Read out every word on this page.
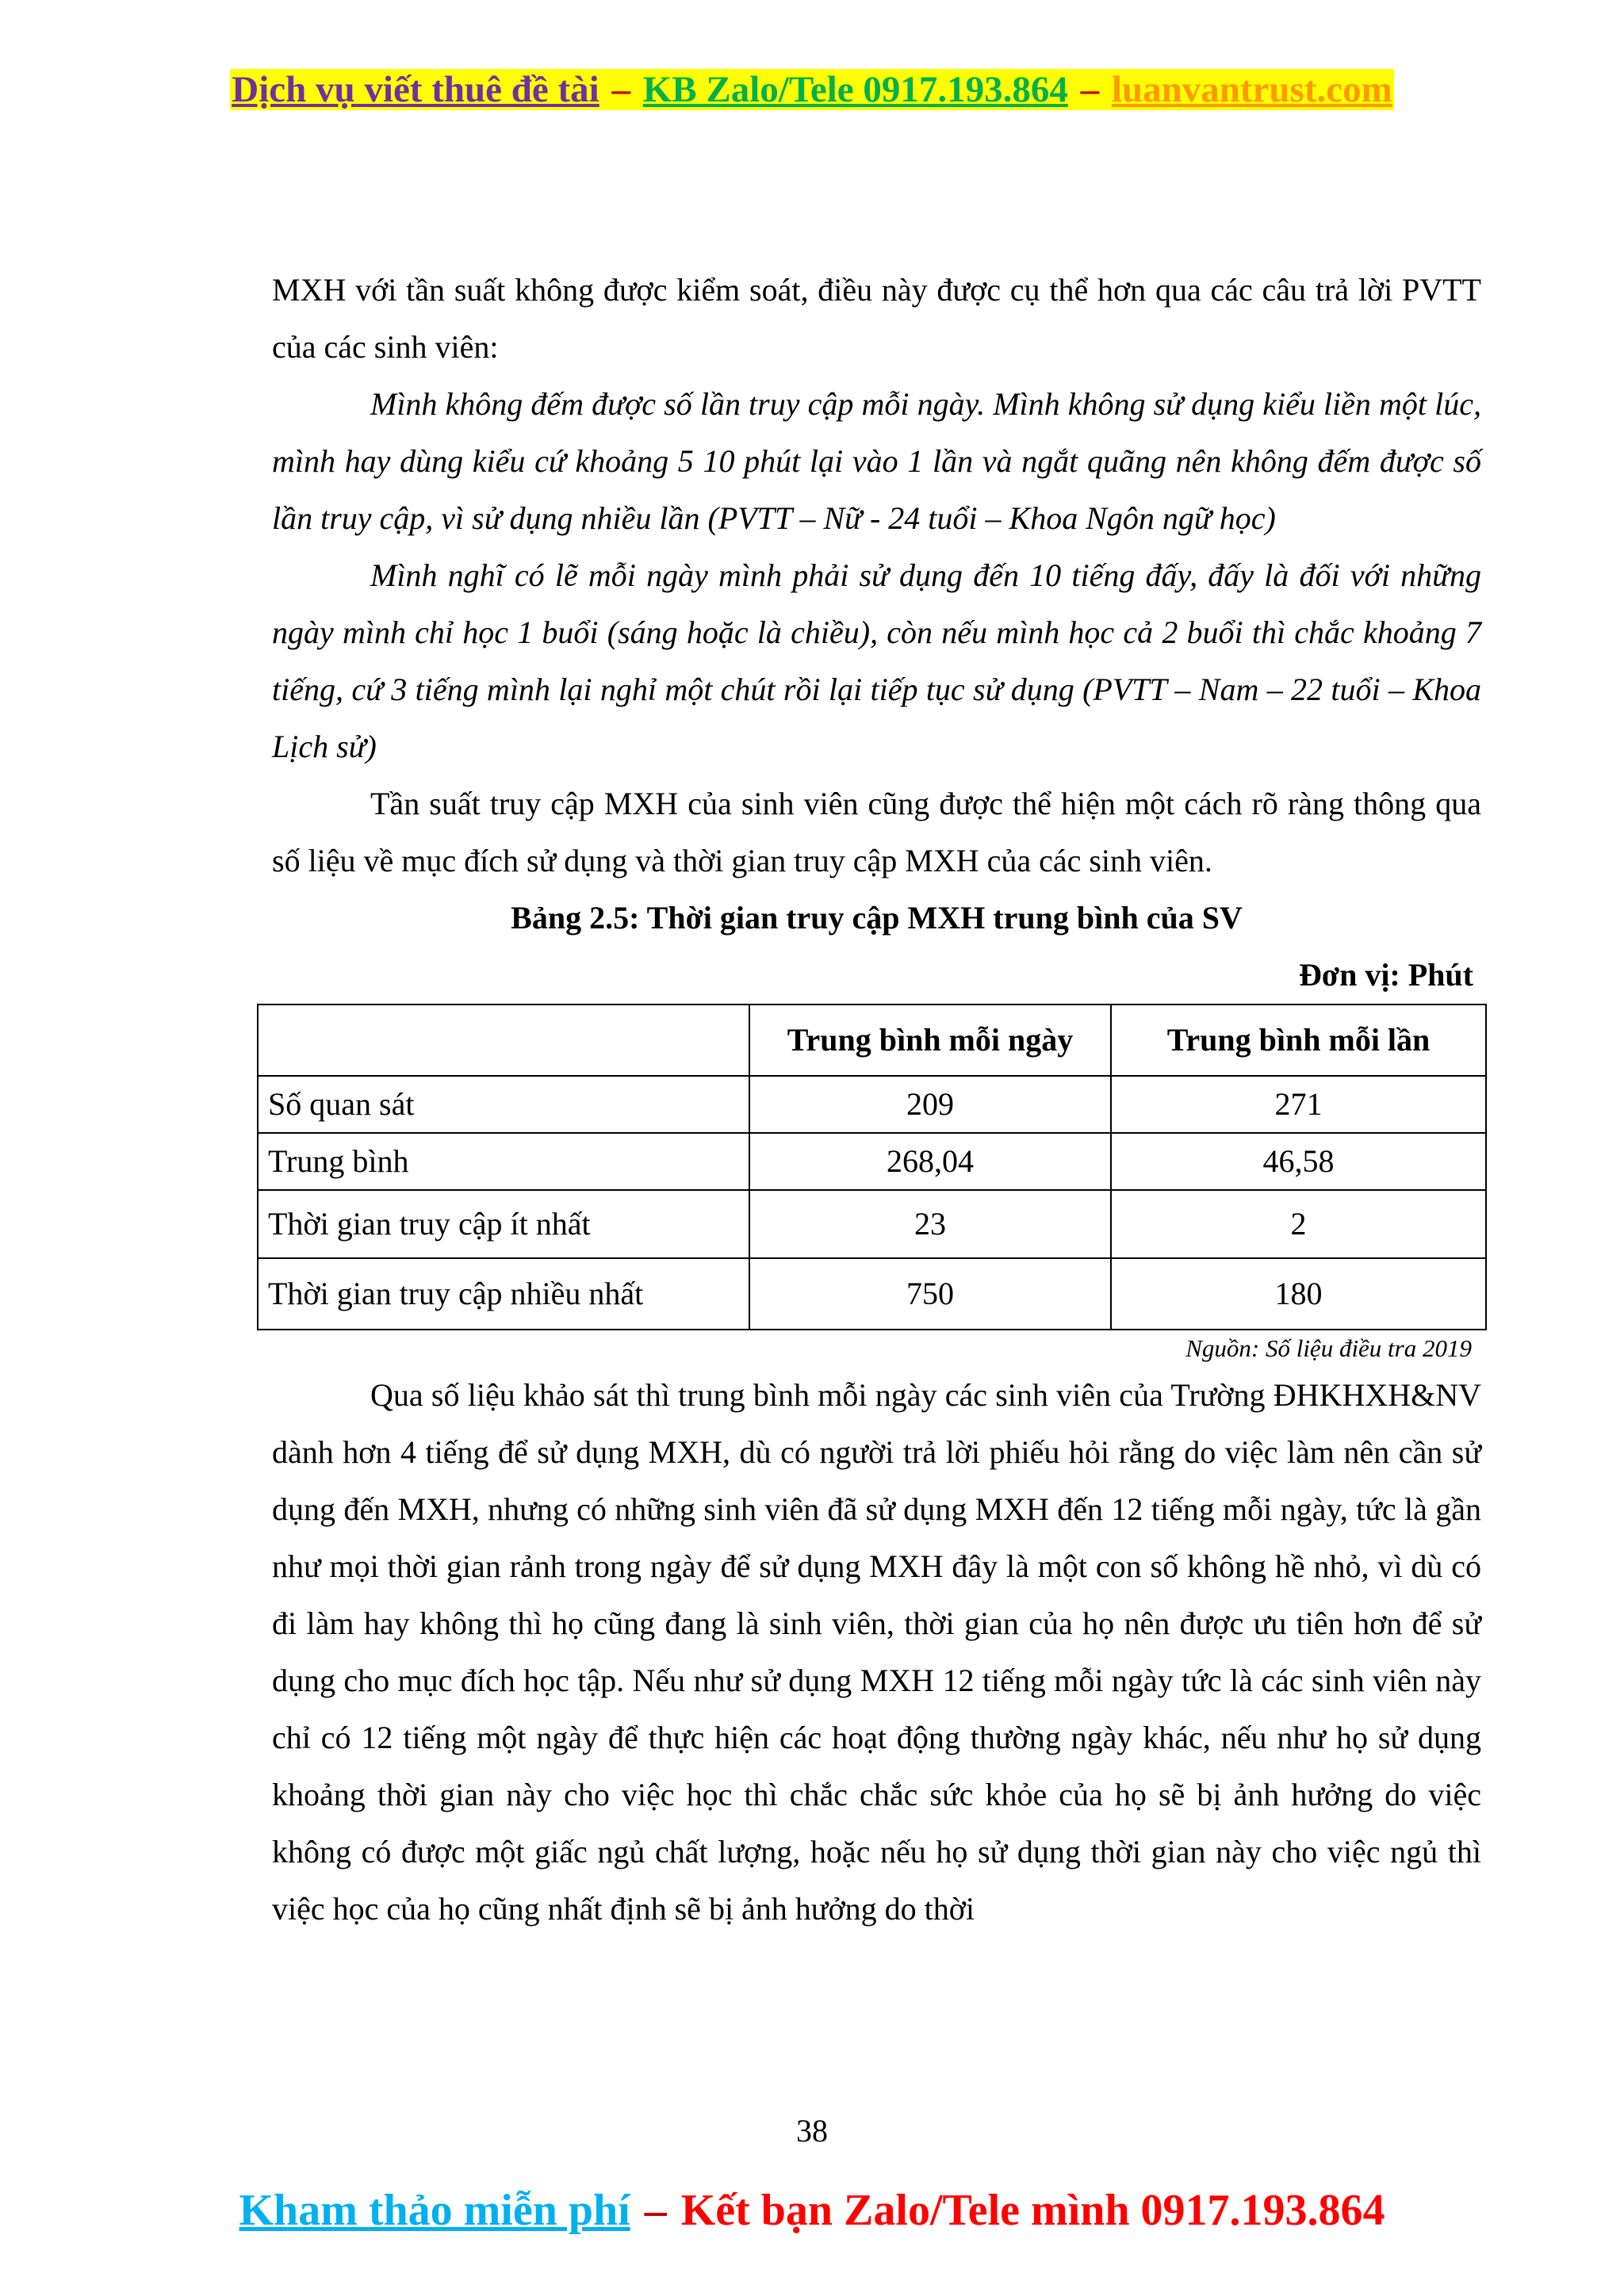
Dịch vụ viết thuê đề tài – KB Zalo/Tele 0917.193.864 – luanvantrust.com

MXH với tần suất không được kiểm soát, điều này được cụ thể hơn qua các câu trả lời PVTT của các sinh viên:

Mình không đếm được số lần truy cập mỗi ngày. Mình không sử dụng kiểu liền một lúc, mình hay dùng kiểu cứ khoảng 5 10 phút lại vào 1 lần và ngắt quãng nên không đếm được số lần truy cập, vì sử dụng nhiều lần (PVTT – Nữ - 24 tuổi – Khoa Ngôn ngữ học)

Mình nghĩ có lẽ mỗi ngày mình phải sử dụng đến 10 tiếng đấy, đấy là đối với những ngày mình chỉ học 1 buổi (sáng hoặc là chiều), còn nếu mình học cả 2 buổi thì chắc khoảng 7 tiếng, cứ 3 tiếng mình lại nghỉ một chút rồi lại tiếp tục sử dụng (PVTT – Nam – 22 tuổi – Khoa Lịch sử)

Tần suất truy cập MXH của sinh viên cũng được thể hiện một cách rõ ràng thông qua số liệu về mục đích sử dụng và thời gian truy cập MXH của các sinh viên.

Bảng 2.5: Thời gian truy cập MXH trung bình của SV

Đơn vị: Phút

	Trung bình mỗi ngày	Trung bình mỗi lần
Số quan sát	209	271
Trung bình	268,04	46,58
Thời gian truy cập ít nhất	23	2
Thời gian truy cập nhiều nhất	750	180

Nguồn: Số liệu điều tra 2019

Qua số liệu khảo sát thì trung bình mỗi ngày các sinh viên của Trường ĐHKHXH&NV dành hơn 4 tiếng để sử dụng MXH, dù có người trả lời phiếu hỏi rằng do việc làm nên cần sử dụng đến MXH, nhưng có những sinh viên đã sử dụng MXH đến 12 tiếng mỗi ngày, tức là gần như mọi thời gian rảnh trong ngày để sử dụng MXH đây là một con số không hề nhỏ, vì dù có đi làm hay không thì họ cũng đang là sinh viên, thời gian của họ nên được ưu tiên hơn để sử dụng cho mục đích học tập. Nếu như sử dụng MXH 12 tiếng mỗi ngày tức là các sinh viên này chỉ có 12 tiếng một ngày để thực hiện các hoạt động thường ngày khác, nếu như họ sử dụng khoảng thời gian này cho việc học thì chắc chắc sức khỏe của họ sẽ bị ảnh hưởng do việc không có được một giấc ngủ chất lượng, hoặc nếu họ sử dụng thời gian này cho việc ngủ thì việc học của họ cũng nhất định sẽ bị ảnh hưởng do thời

38
Kham thảo miễn phí – Kết bạn Zalo/Tele mình 0917.193.864
